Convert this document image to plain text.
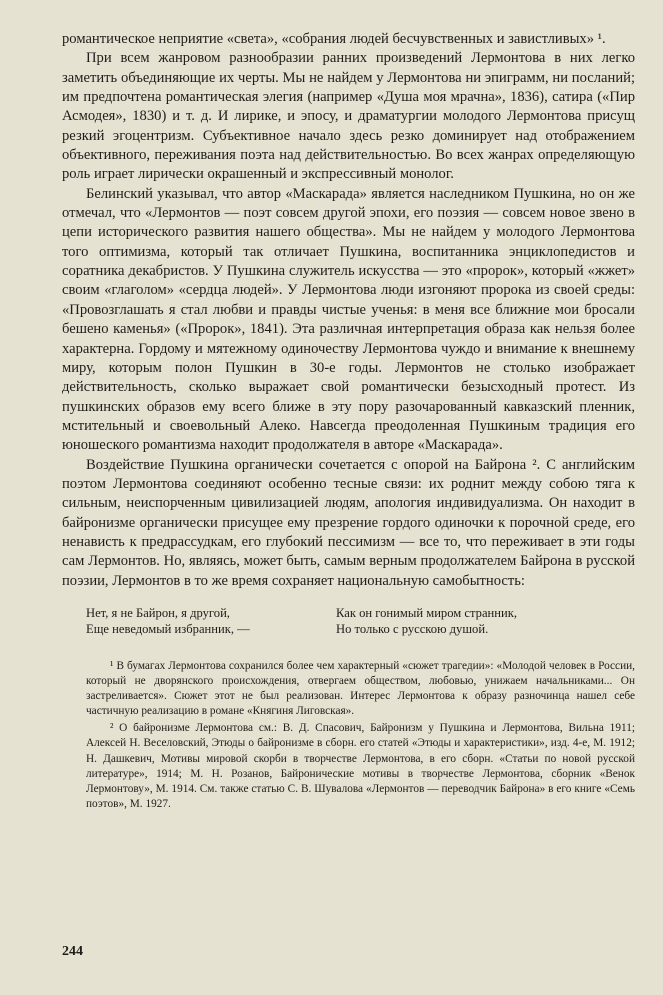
романтическое неприятие «света», «собрания людей бесчувственных и завистливых» ¹.

При всем жанровом разнообразии ранних произведений Лермонтова в них легко заметить объединяющие их черты. Мы не найдем у Лермонтова ни эпиграмм, ни посланий; им предпочтена романтическая элегия (например «Душа моя мрачна», 1836), сатира («Пир Асмодея», 1830) и т. д. И лирике, и эпосу, и драматургии молодого Лермонтова присущ резкий эгоцентризм. Субъективное начало здесь резко доминирует над отображением объективного, переживания поэта над действительностью. Во всех жанрах определяющую роль играет лирически окрашенный и экспрессивный монолог.

Белинский указывал, что автор «Маскарада» является наследником Пушкина, но он же отмечал, что «Лермонтов — поэт совсем другой эпохи, его поэзия — совсем новое звено в цепи исторического развития нашего общества». Мы не найдем у молодого Лермонтова того оптимизма, который так отличает Пушкина, воспитанника энциклопедистов и соратника декабристов. У Пушкина служитель искусства — это «пророк», который «жжет» своим «глаголом» «сердца людей». У Лермонтова люди изгоняют пророка из своей среды: «Провозглашать я стал любви и правды чистые ученья: в меня все ближние мои бросали бешено каменья» («Пророк», 1841). Эта различная интерпретация образа как нельзя более характерна. Гордому и мятежному одиночеству Лермонтова чуждо и внимание к внешнему миру, которым полон Пушкин в 30-е годы. Лермонтов не столько изображает действительность, сколько выражает свой романтически безысходный протест. Из пушкинских образов ему всего ближе в эту пору разочарованный кавказский пленник, мстительный и своевольный Алеко. Навсегда преодоленная Пушкиным традиция его юношеского романтизма находит продолжателя в авторе «Маскарада».

Воздействие Пушкина органически сочетается с опорой на Байрона ². С английским поэтом Лермонтова соединяют особенно тесные связи: их роднит между собою тяга к сильным, неиспорченным цивилизацией людям, апология индивидуализма. Он находит в байронизме органически присущее ему презрение гордого одиночки к порочной среде, его ненависть к предрассудкам, его глубокий пессимизм — все то, что переживает в эти годы сам Лермонтов. Но, являясь, может быть, самым верным продолжателем Байрона в русской поэзии, Лермонтов в то же время сохраняет национальную самобытность:

Нет, я не Байрон, я другой,
Еще неведомый избранник, —
Как он гонимый миром странник,
Но только с русскою душой.

¹ В бумагах Лермонтова сохранился более чем характерный «сюжет трагедии»: «Молодой человек в России, который не дворянского происхождения, отвергаем обществом, любовью, унижаем начальниками... Он застреливается». Сюжет этот не был реализован. Интерес Лермонтова к образу разночинца нашел себе частичную реализацию в романе «Княгиня Лиговская».

² О байронизме Лермонтова см.: В. Д. Спасович, Байронизм у Пушкина и Лермонтова, Вильна 1911; Алексей Н. Веселовский, Этюды о байронизме в сборн. его статей «Этюды и характеристики», изд. 4-е, М. 1912; Н. Дашкевич, Мотивы мировой скорби в творчестве Лермонтова, в его сборн. «Статьи по новой русской литературе», 1914; М. Н. Розанов, Байронические мотивы в творчестве Лермонтова, сборник «Венок Лермонтову», М. 1914. См. также статью С. В. Шувалова «Лермонтов — переводчик Байрона» в его книге «Семь поэтов», М. 1927.

244
